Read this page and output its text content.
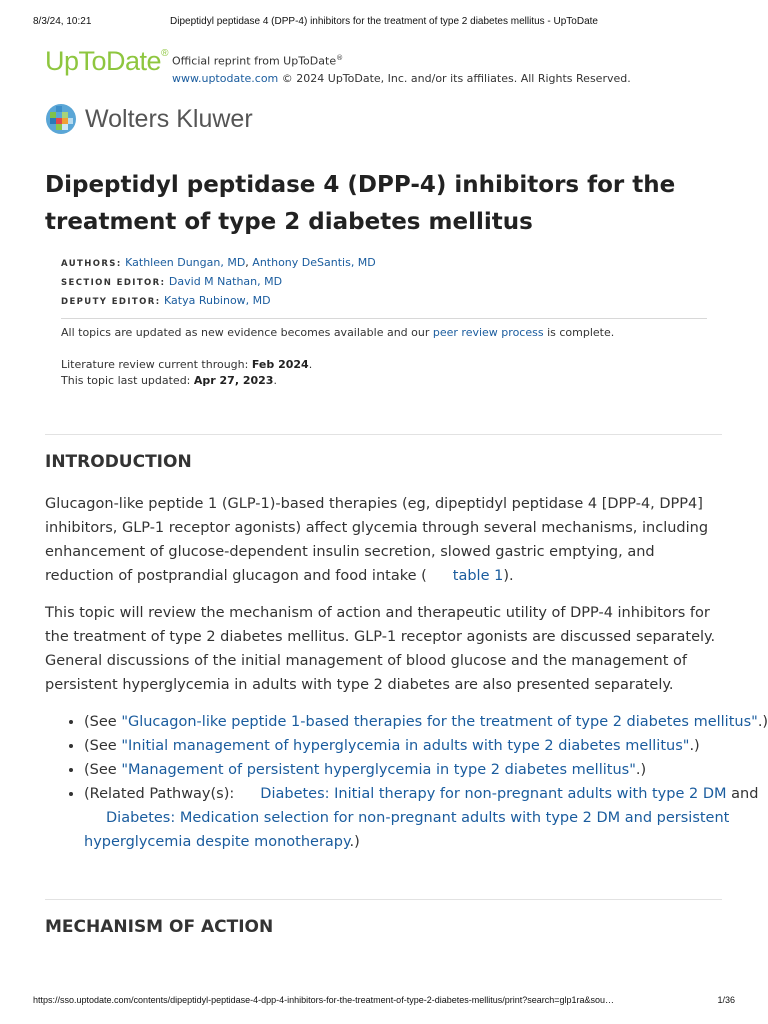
8/3/24, 10:21	Dipeptidyl peptidase 4 (DPP-4) inhibitors for the treatment of type 2 diabetes mellitus - UpToDate
UpToDate®
Official reprint from UpToDate®
www.uptodate.com © 2024 UpToDate, Inc. and/or its affiliates. All Rights Reserved.
Wolters Kluwer
Dipeptidyl peptidase 4 (DPP-4) inhibitors for the treatment of type 2 diabetes mellitus
AUTHORS: Kathleen Dungan, MD, Anthony DeSantis, MD
SECTION EDITOR: David M Nathan, MD
DEPUTY EDITOR: Katya Rubinow, MD
All topics are updated as new evidence becomes available and our peer review process is complete.
Literature review current through: Feb 2024.
This topic last updated: Apr 27, 2023.
INTRODUCTION

Glucagon-like peptide 1 (GLP-1)-based therapies (eg, dipeptidyl peptidase 4 [DPP-4, DPP4] inhibitors, GLP-1 receptor agonists) affect glycemia through several mechanisms, including enhancement of glucose-dependent insulin secretion, slowed gastric emptying, and reduction of postprandial glucagon and food intake ( table 1).

This topic will review the mechanism of action and therapeutic utility of DPP-4 inhibitors for the treatment of type 2 diabetes mellitus. GLP-1 receptor agonists are discussed separately. General discussions of the initial management of blood glucose and the management of persistent hyperglycemia in adults with type 2 diabetes are also presented separately.

• (See "Glucagon-like peptide 1-based therapies for the treatment of type 2 diabetes mellitus".)
• (See "Initial management of hyperglycemia in adults with type 2 diabetes mellitus".)
• (See "Management of persistent hyperglycemia in type 2 diabetes mellitus".)
• (Related Pathway(s): Diabetes: Initial therapy for non-pregnant adults with type 2 DM andDiabetes: Medication selection for non-pregnant adults with type 2 DM and persistent hyperglycemia despite monotherapy.)
MECHANISM OF ACTION
https://sso.uptodate.com/contents/dipeptidyl-peptidase-4-dpp-4-inhibitors-for-the-treatment-of-type-2-diabetes-mellitus/print?search=glp1ra&sou…	1/36
